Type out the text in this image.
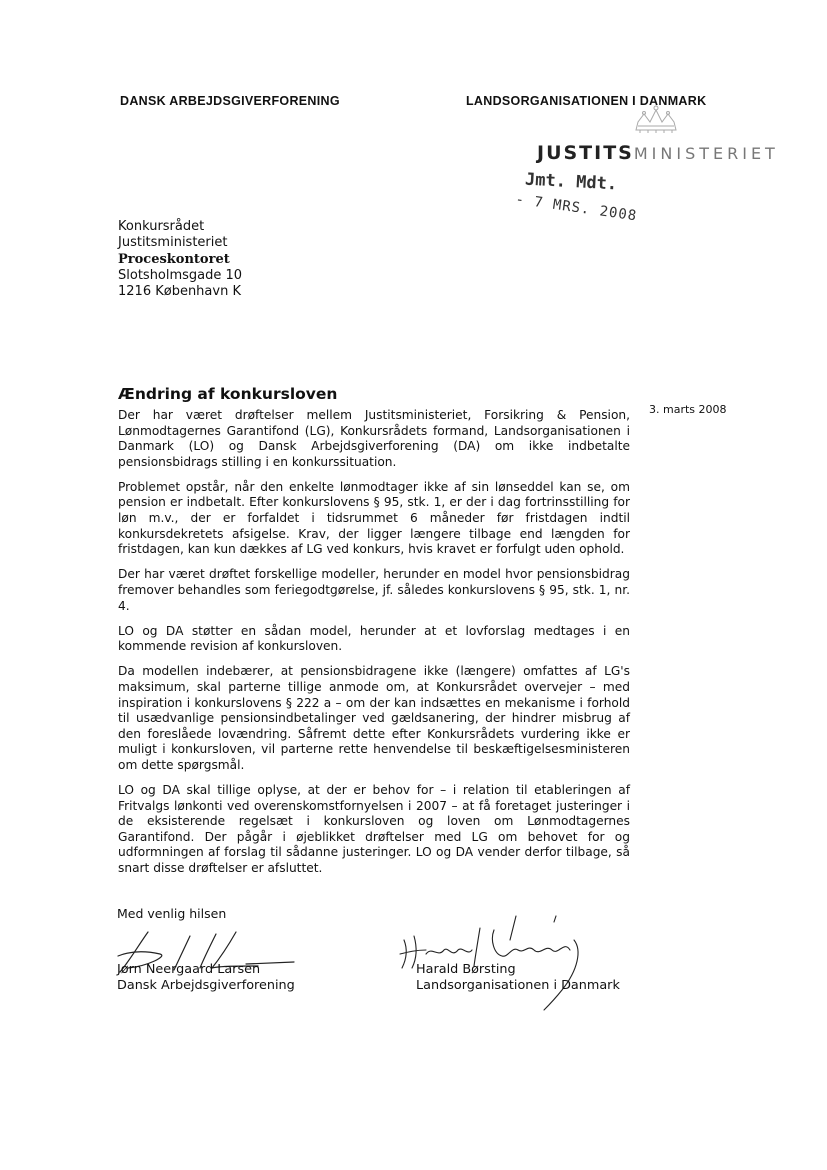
DANSK ARBEJDSGIVERFORENING	LANDSORGANISATIONEN I DANMARK
JUSTITSMINISTERIET
Jmt. Mdt.
- 7 MRS. 2008
Konkursrådet
Justitsministeriet
Proceskontoret
Slotsholmsgade 10
1216 København K
Ændring af konkursloven
3. marts 2008

Der har været drøftelser mellem Justitsministeriet, Forsikring & Pension, Lønmodtagernes Garantifond (LG), Konkursrådets formand, Landsorganisationen i Danmark (LO) og Dansk Arbejdsgiverforening (DA) om ikke indbetalte pensionsbidrags stilling i en konkurssituation.

Problemet opstår, når den enkelte lønmodtager ikke af sin lønseddel kan se, om pension er indbetalt. Efter konkurslovens § 95, stk. 1, er der i dag fortrinsstilling for løn m.v., der er forfaldet i tidsrummet 6 måneder før fristdagen indtil konkursdekretets afsigelse. Krav, der ligger længere tilbage end længden for fristdagen, kan kun dækkes af LG ved konkurs, hvis kravet er forfulgt uden ophold.

Der har været drøftet forskellige modeller, herunder en model hvor pensionsbidrag fremover behandles som feriegodtgørelse, jf. således konkurslovens § 95, stk. 1, nr. 4.

LO og DA støtter en sådan model, herunder at et lovforslag medtages i en kommende revision af konkursloven.

Da modellen indebærer, at pensionsbidragene ikke (længere) omfattes af LG's maksimum, skal parterne tillige anmode om, at Konkursrådet overvejer – med inspiration i konkurslovens § 222 a – om der kan indsættes en mekanisme i forhold til usædvanlige pensionsindbetalinger ved gældsanering, der hindrer misbrug af den foreslåede lovændring. Såfremt dette efter Konkursrådets vurdering ikke er muligt i konkursloven, vil parterne rette henvendelse til beskæftigelsesministeren om dette spørgsmål.

LO og DA skal tillige oplyse, at der er behov for – i relation til etableringen af Fritvalgs lønkonti ved overenskomstfornyelsen i 2007 – at få foretaget justeringer i de eksisterende regelsæt i konkursloven og loven om Lønmodtagernes Garantifond. Der pågår i øjeblikket drøftelser med LG om behovet for og udformningen af forslag til sådanne justeringer. LO og DA vender derfor tilbage, så snart disse drøftelser er afsluttet.

Med venlig hilsen
Jørn Neergaard Larsen
Dansk Arbejdsgiverforening
Harald Børsting
Landsorganisationen i Danmark
